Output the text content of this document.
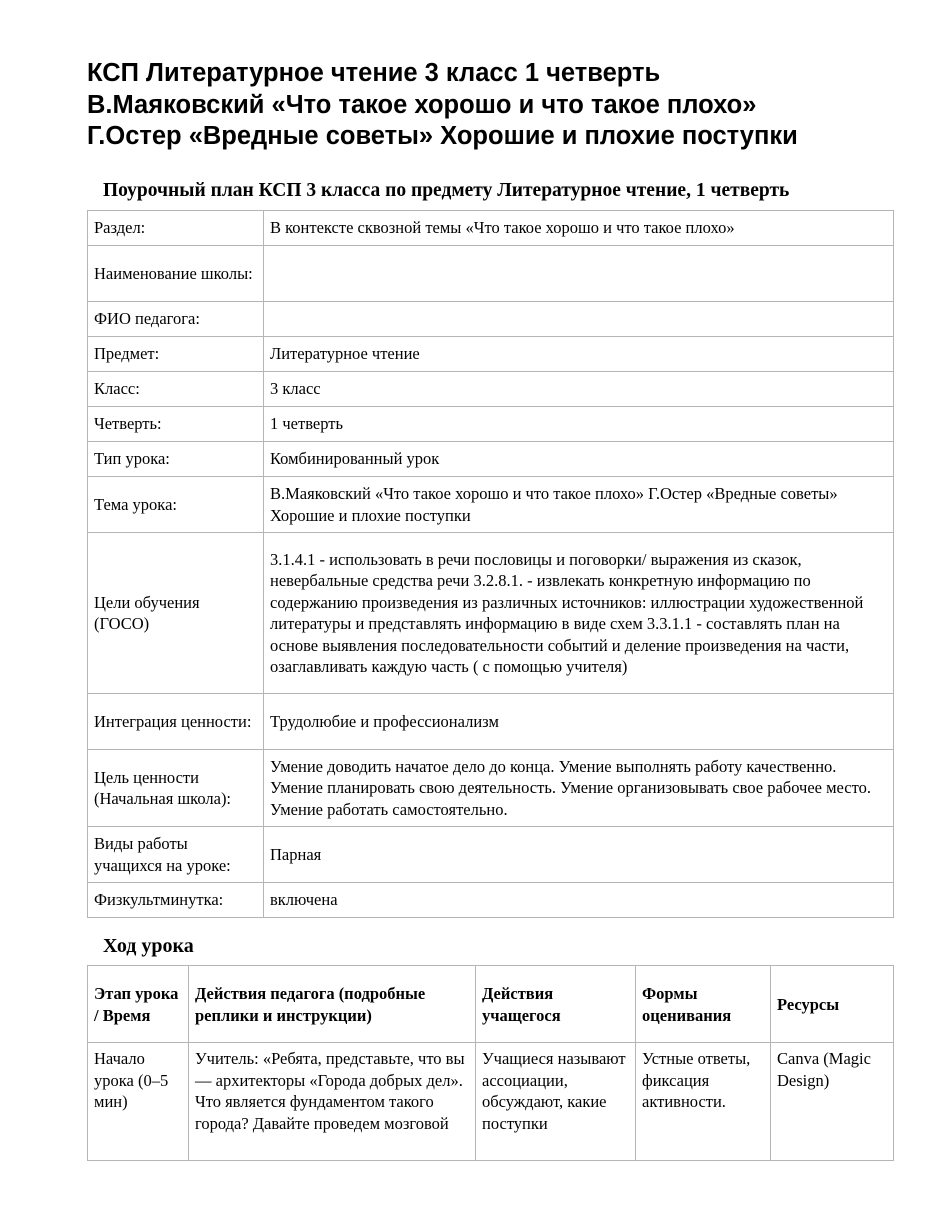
КСП Литературное чтение 3 класс 1 четверть
В.Маяковский «Что такое хорошо и что такое плохо»
Г.Остер «Вредные советы» Хорошие и плохие поступки

Поурочный план КСП 3 класса по предмету Литературное чтение, 1 четверть

Раздел:	В контексте сквозной темы «Что такое хорошо и что такое плохо»
Наименование школы:	
ФИО педагога:	
Предмет:	Литературное чтение
Класс:	3 класс
Четверть:	1 четверть
Тип урока:	Комбинированный урок
Тема урока:	В.Маяковский «Что такое хорошо и что такое плохо» Г.Остер «Вредные советы» Хорошие и плохие поступки
Цели обучения (ГОСО)	3.1.4.1 - использовать в речи пословицы и поговорки/ выражения из сказок, невербальные средства речи 3.2.8.1. - извлекать конкретную информацию по содержанию произведения из различных источников: иллюстрации художественной литературы и представлять информацию в виде схем 3.3.1.1 - составлять план на основе выявления последовательности событий и деление произведения на части, озаглавливать каждую часть ( с помощью учителя)
Интеграция ценности:	Трудолюбие и профессионализм
Цель ценности (Начальная школа):	Умение доводить начатое дело до конца. Умение выполнять работу качественно. Умение планировать свою деятельность. Умение организовывать свое рабочее место. Умение работать самостоятельно.
Виды работы учащихся на уроке:	Парная
Физкультминутка:	включена
Ход урока
Этап урока / Время	Действия педагога (подробные реплики и инструкции)	Действия учащегося	Формы оценивания	Ресурсы
Начало урока (0–5 мин)	Учитель: «Ребята, представьте, что вы — архитекторы «Города добрых дел». Что является фундаментом такого города? Давайте проведем мозговой	Учащиеся называют ассоциации, обсуждают, какие поступки	Устные ответы, фиксация активности.	Canva (Magic Design)
